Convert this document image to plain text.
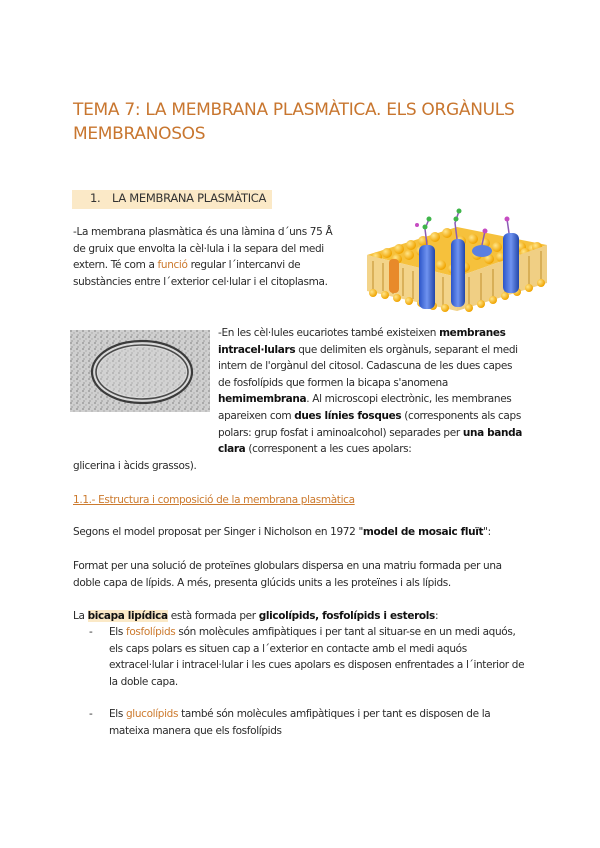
TEMA 7: LA MEMBRANA PLASMÀTICA. ELS ORGÀNULS MEMBRANOSOS
1. LA MEMBRANA PLASMÀTICA
-La membrana plasmàtica és una làmina d´uns 75 Å de gruix que envolta la cèl·lula i la separa del medi extern. Té com a funció regular l´intercanvi de substàncies entre l´exterior cel·lular i el citoplasma.
-En les cèl·lules eucariotes també existeixen membranes intracel·lulars que delimiten els orgànuls, separant el medi intern de l'orgànul del citosol. Cadascuna de les dues capes de fosfolípids que formen la bicapa s'anomena hemimembrana. Al microscopi electrònic, les membranes apareixen com dues línies fosques (corresponents als caps polars: grup fosfat i aminoalcohol) separades per una banda clara (corresponent a les cues apolars:
glicerina i àcids grassos).
1.1.- Estructura i composició de la membrana plasmàtica
Segons el model proposat per Singer i Nicholson en 1972 "model de mosaic fluït":
Format per una solució de proteïnes globulars dispersa en una matriu formada per una doble capa de lípids. A més, presenta glúcids units a les proteïnes i als lípids.
La bicapa lipídica està formada per glicolípids, fosfolípids i esterols:
- Els fosfolípids són molècules amfipàtiques i per tant al situar-se en un medi aquós, els caps polars es situen cap a l´exterior en contacte amb el medi aquós extracel·lular i intracel·lular i les cues apolars es disposen enfrentades a l´interior de la doble capa.
- Els glucolípids també són molècules amfipàtiques i per tant es disposen de la mateixa manera que els fosfolípids
